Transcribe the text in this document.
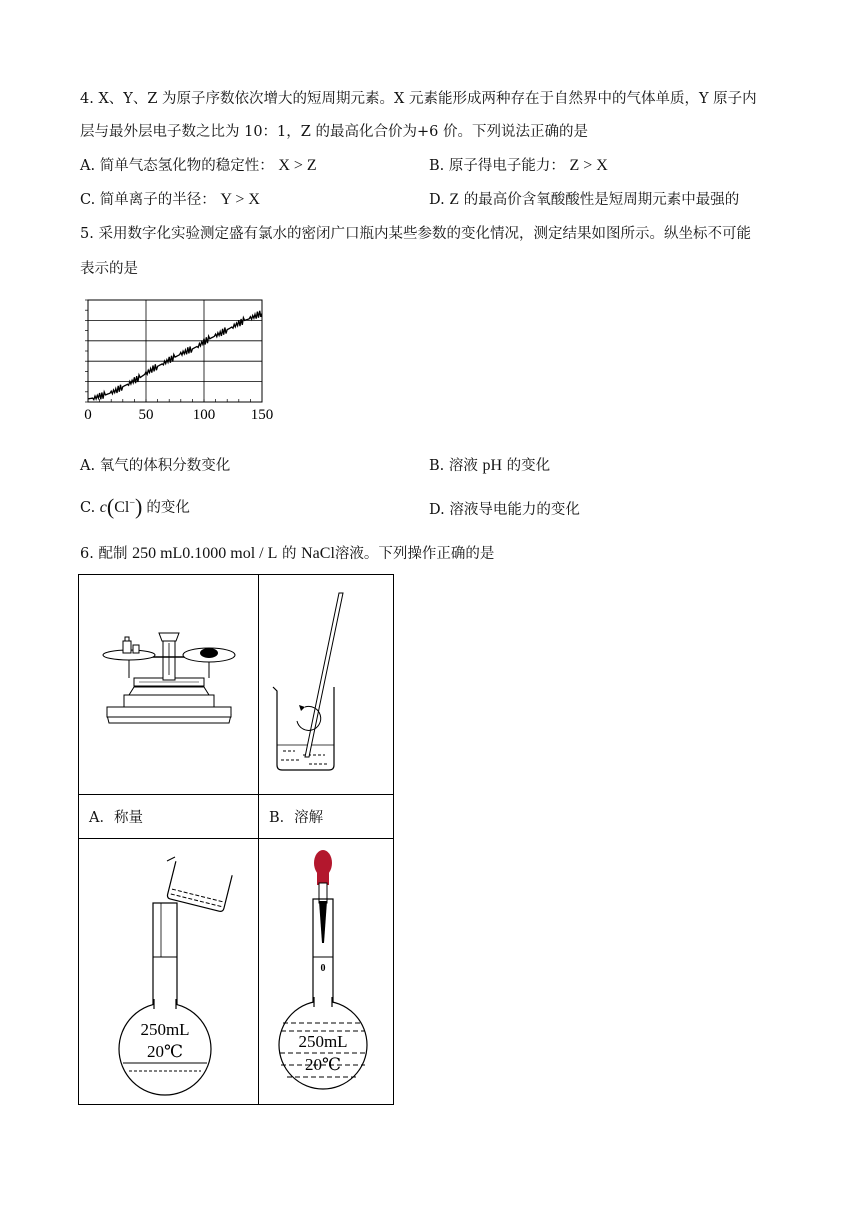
4. X、Y、Z 为原子序数依次增大的短周期元素。X 元素能形成两种存在于自然界中的气体单质，Y 原子内
层与最外层电子数之比为 10：1，Z 的最高化合价为+6 价。下列说法正确的是
A. 简单气态氢化物的稳定性： X > Z	B. 原子得电子能力： Z > X
C. 简单离子的半径： Y > X	D. Z 的最高价含氧酸酸性是短周期元素中最强的
5. 采用数字化实验测定盛有氯水的密闭广口瓶内某些参数的变化情况，测定结果如图所示。纵坐标不可能
表示的是
0	50	100 150
A. 氧气的体积分数变化	B. 溶液 pH 的变化
C. c(Cl−) 的变化	D. 溶液导电能力的变化
6. 配制 250 mL0.1000 mol / L 的 NaCl溶液。下列操作正确的是

A．称量	B．溶解

250mL
20℃	0
250mL
20℃
